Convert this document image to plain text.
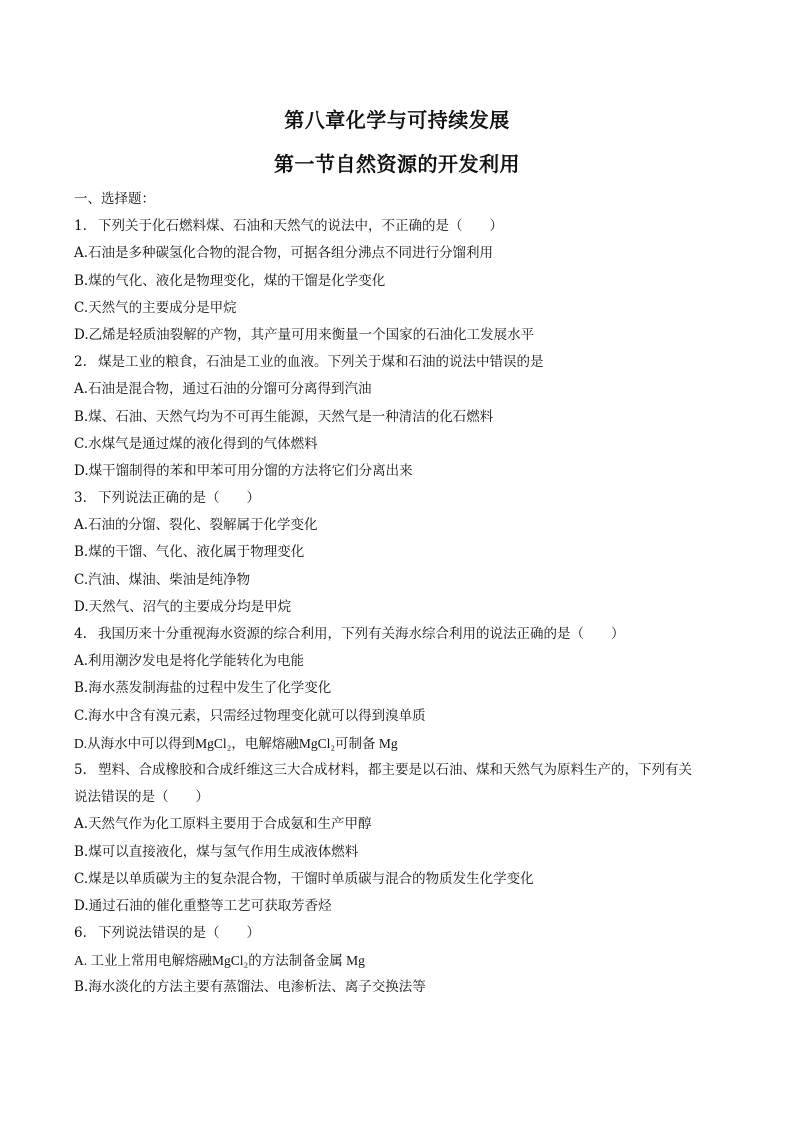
第八章化学与可持续发展
第一节自然资源的开发利用
一、选择题：
1. 下列关于化石燃料煤、石油和天然气的说法中，不正确的是（　　）
A.石油是多种碳氢化合物的混合物，可据各组分沸点不同进行分馏利用
B.煤的气化、液化是物理变化，煤的干馏是化学变化
C.天然气的主要成分是甲烷
D.乙烯是轻质油裂解的产物，其产量可用来衡量一个国家的石油化工发展水平
2. 煤是工业的粮食，石油是工业的血液。下列关于煤和石油的说法中错误的是
A.石油是混合物，通过石油的分馏可分离得到汽油
B.煤、石油、天然气均为不可再生能源，天然气是一种清洁的化石燃料
C.水煤气是通过煤的液化得到的气体燃料
D.煤干馏制得的苯和甲苯可用分馏的方法将它们分离出来
3. 下列说法正确的是（　　）
A.石油的分馏、裂化、裂解属于化学变化
B.煤的干馏、气化、液化属于物理变化
C.汽油、煤油、柴油是纯净物
D.天然气、沼气的主要成分均是甲烷
4. 我国历来十分重视海水资源的综合利用，下列有关海水综合利用的说法正确的是（　　）
A.利用潮汐发电是将化学能转化为电能
B.海水蒸发制海盐的过程中发生了化学变化
C.海水中含有溴元素，只需经过物理变化就可以得到溴单质
D.从海水中可以得到MgCl₂，电解熔融MgCl₂可制备 Mg
5. 塑料、合成橡胶和合成纤维这三大合成材料，都主要是以石油、煤和天然气为原料生产的，下列有关
说法错误的是（　　）
A.天然气作为化工原料主要用于合成氨和生产甲醇
B.煤可以直接液化，煤与氢气作用生成液体燃料
C.煤是以单质碳为主的复杂混合物，干馏时单质碳与混合的物质发生化学变化
D.通过石油的催化重整等工艺可获取芳香烃
6. 下列说法错误的是（　　）
A. 工业上常用电解熔融MgCl₂的方法制备金属 Mg
B.海水淡化的方法主要有蒸馏法、电渗析法、离子交换法等
